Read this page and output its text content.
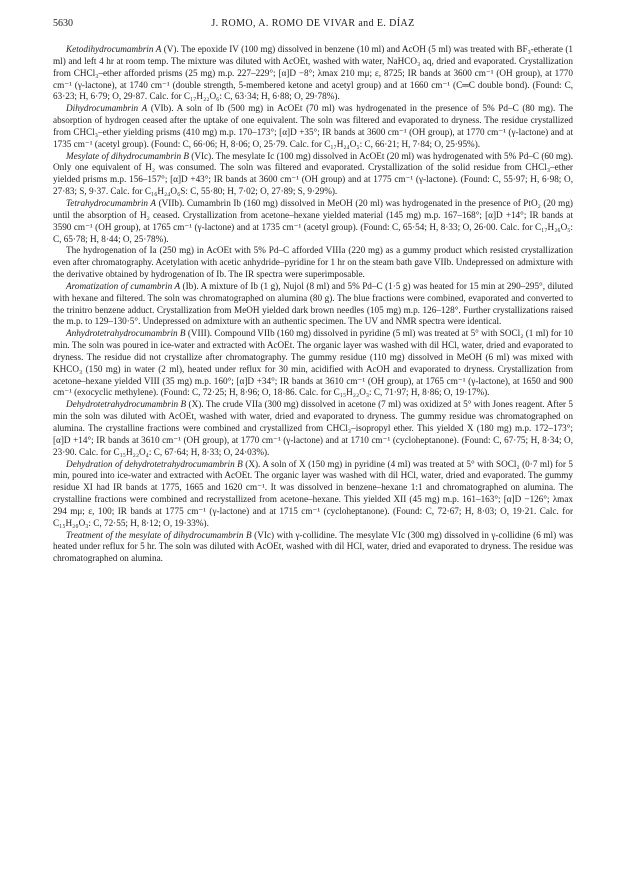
5630	J. ROMO, A. ROMO DE VIVAR and E. DÍAZ

Ketodihydrocumambrin A (V). The epoxide IV (100 mg) dissolved in benzene (10 ml) and AcOH (5 ml) was treated with BF₃-etherate (1 ml) and left 4 hr at room temp. The mixture was diluted with AcOEt, washed with water, NaHCO₃ aq, dried and evaporated. Crystallization from CHCl₃–ether afforded prisms (25 mg) m.p. 227–229°; [α]D −8°; λmax 210 mμ; ε, 8725; IR bands at 3600 cm⁻¹ (OH group), at 1770 cm⁻¹ (γ-lactone), at 1740 cm⁻¹ (double strength, 5-membered ketone and acetyl group) and at 1660 cm⁻¹ (C═C double bond). (Found: C, 63·23; H, 6·79; O, 29·87. Calc. for C₁₇H₂₂O₆: C, 63·34; H, 6·88; O, 29·78%).

Dihydrocumambrin A (VIb). A soln of Ib (500 mg) in AcOEt (70 ml) was hydrogenated in the presence of 5% Pd–C (80 mg). The absorption of hydrogen ceased after the uptake of one equivalent. The soln was filtered and evaporated to dryness. The residue crystallized from CHCl₃–ether yielding prisms (410 mg) m.p. 170–173°; [α]D +35°; IR bands at 3600 cm⁻¹ (OH group), at 1770 cm⁻¹ (γ-lactone) and at 1735 cm⁻¹ (acetyl group). (Found: C, 66·06; H, 8·06; O, 25·79. Calc. for C₁₇H₂₄O₅: C, 66·21; H, 7·84; O, 25·95%).

Mesylate of dihydrocumambrin B (VIc). The mesylate Ic (100 mg) dissolved in AcOEt (20 ml) was hydrogenated with 5% Pd–C (60 mg). Only one equivalent of H₂ was consumed. The soln was filtered and evaporated. Crystallization of the solid residue from CHCl₃–ether yielded prisms m.p. 156–157°; [α]D +43°; IR bands at 3600 cm⁻¹ (OH group) and at 1775 cm⁻¹ (γ-lactone). (Found: C, 55·97; H, 6·98; O, 27·83; S, 9·37. Calc. for C₁₆H₂₄O₆S: C, 55·80; H, 7·02; O, 27·89; S, 9·29%).

Tetrahydrocumambrin A (VIIb). Cumambrin Ib (160 mg) dissolved in MeOH (20 ml) was hydrogenated in the presence of PtO₂ (20 mg) until the absorption of H₂ ceased. Crystallization from acetone–hexane yielded material (145 mg) m.p. 167–168°; [α]D +14°; IR bands at 3590 cm⁻¹ (OH group), at 1765 cm⁻¹ (γ-lactone) and at 1735 cm⁻¹ (acetyl group). (Found: C, 65·54; H, 8·33; O, 26·00. Calc. for C₁₇H₂₆O₅: C, 65·78; H, 8·44; O, 25·78%).

The hydrogenation of Ia (250 mg) in AcOEt with 5% Pd–C afforded VIIIa (220 mg) as a gummy product which resisted crystallization even after chromatography. Acetylation with acetic anhydride–pyridine for 1 hr on the steam bath gave VIIb. Undepressed on admixture with the derivative obtained by hydrogenation of Ib. The IR spectra were superimposable.

Aromatization of cumambrin A (Ib). A mixture of Ib (1 g), Nujol (8 ml) and 5% Pd–C (1·5 g) was heated for 15 min at 290–295°, diluted with hexane and filtered. The soln was chromatographed on alumina (80 g). The blue fractions were combined, evaporated and converted to the trinitro benzene adduct. Crystallization from MeOH yielded dark brown needles (105 mg) m.p. 126–128°. Further crystallizations raised the m.p. to 129–130·5°. Undepressed on admixture with an authentic specimen. The UV and NMR spectra were identical.

Anhydrotetrahydrocumambrin B (VIII). Compound VIIb (160 mg) dissolved in pyridine (5 ml) was treated at 5° with SOCl₂ (1 ml) for 10 min. The soln was poured in ice-water and extracted with AcOEt. The organic layer was washed with dil HCl, water, dried and evaporated to dryness. The residue did not crystallize after chromatography. The gummy residue (110 mg) dissolved in MeOH (6 ml) was mixed with KHCO₃ (150 mg) in water (2 ml), heated under reflux for 30 min, acidified with AcOH and evaporated to dryness. Crystallization from acetone–hexane yielded VIII (35 mg) m.p. 160°; [α]D +34°; IR bands at 3610 cm⁻¹ (OH group), at 1765 cm⁻¹ (γ-lactone), at 1650 and 900 cm⁻¹ (exocyclic methylene). (Found: C, 72·25; H, 8·96; O, 18·86. Calc. for C₁₅H₂₂O₃: C, 71·97; H, 8·86; O, 19·17%).

Dehydrotetrahydrocumambrin B (X). The crude VIIa (300 mg) dissolved in acetone (7 ml) was oxidized at 5° with Jones reagent. After 5 min the soln was diluted with AcOEt, washed with water, dried and evaporated to dryness. The gummy residue was chromatographed on alumina. The crystalline fractions were combined and crystallized from CHCl₃–isopropyl ether. This yielded X (180 mg) m.p. 172–173°; [α]D +14°; IR bands at 3610 cm⁻¹ (OH group), at 1770 cm⁻¹ (γ-lactone) and at 1710 cm⁻¹ (cycloheptanone). (Found: C, 67·75; H, 8·34; O, 23·90. Calc. for C₁₅H₂₂O₄: C, 67·64; H, 8·33; O, 24·03%).

Dehydration of dehydrotetrahydrocumambrin B (X). A soln of X (150 mg) in pyridine (4 ml) was treated at 5° with SOCl₂ (0·7 ml) for 5 min, poured into ice-water and extracted with AcOEt. The organic layer was washed with dil HCl, water, dried and evaporated. The gummy residue XI had IR bands at 1775, 1665 and 1620 cm⁻¹. It was dissolved in benzene–hexane 1:1 and chromatographed on alumina. The crystalline fractions were combined and recrystallized from acetone–hexane. This yielded XII (45 mg) m.p. 161–163°; [α]D −126°; λmax 294 mμ; ε, 100; IR bands at 1775 cm⁻¹ (γ-lactone) and at 1715 cm⁻¹ (cycloheptanone). (Found: C, 72·67; H, 8·03; O, 19·21. Calc. for C₁₅H₂₀O₃: C, 72·55; H, 8·12; O, 19·33%).

Treatment of the mesylate of dihydrocumambrin B (VIc) with γ-collidine. The mesylate VIc (300 mg) dissolved in γ-collidine (6 ml) was heated under reflux for 5 hr. The soln was diluted with AcOEt, washed with dil HCl, water, dried and evaporated to dryness. The residue was chromatographed on alumina.
